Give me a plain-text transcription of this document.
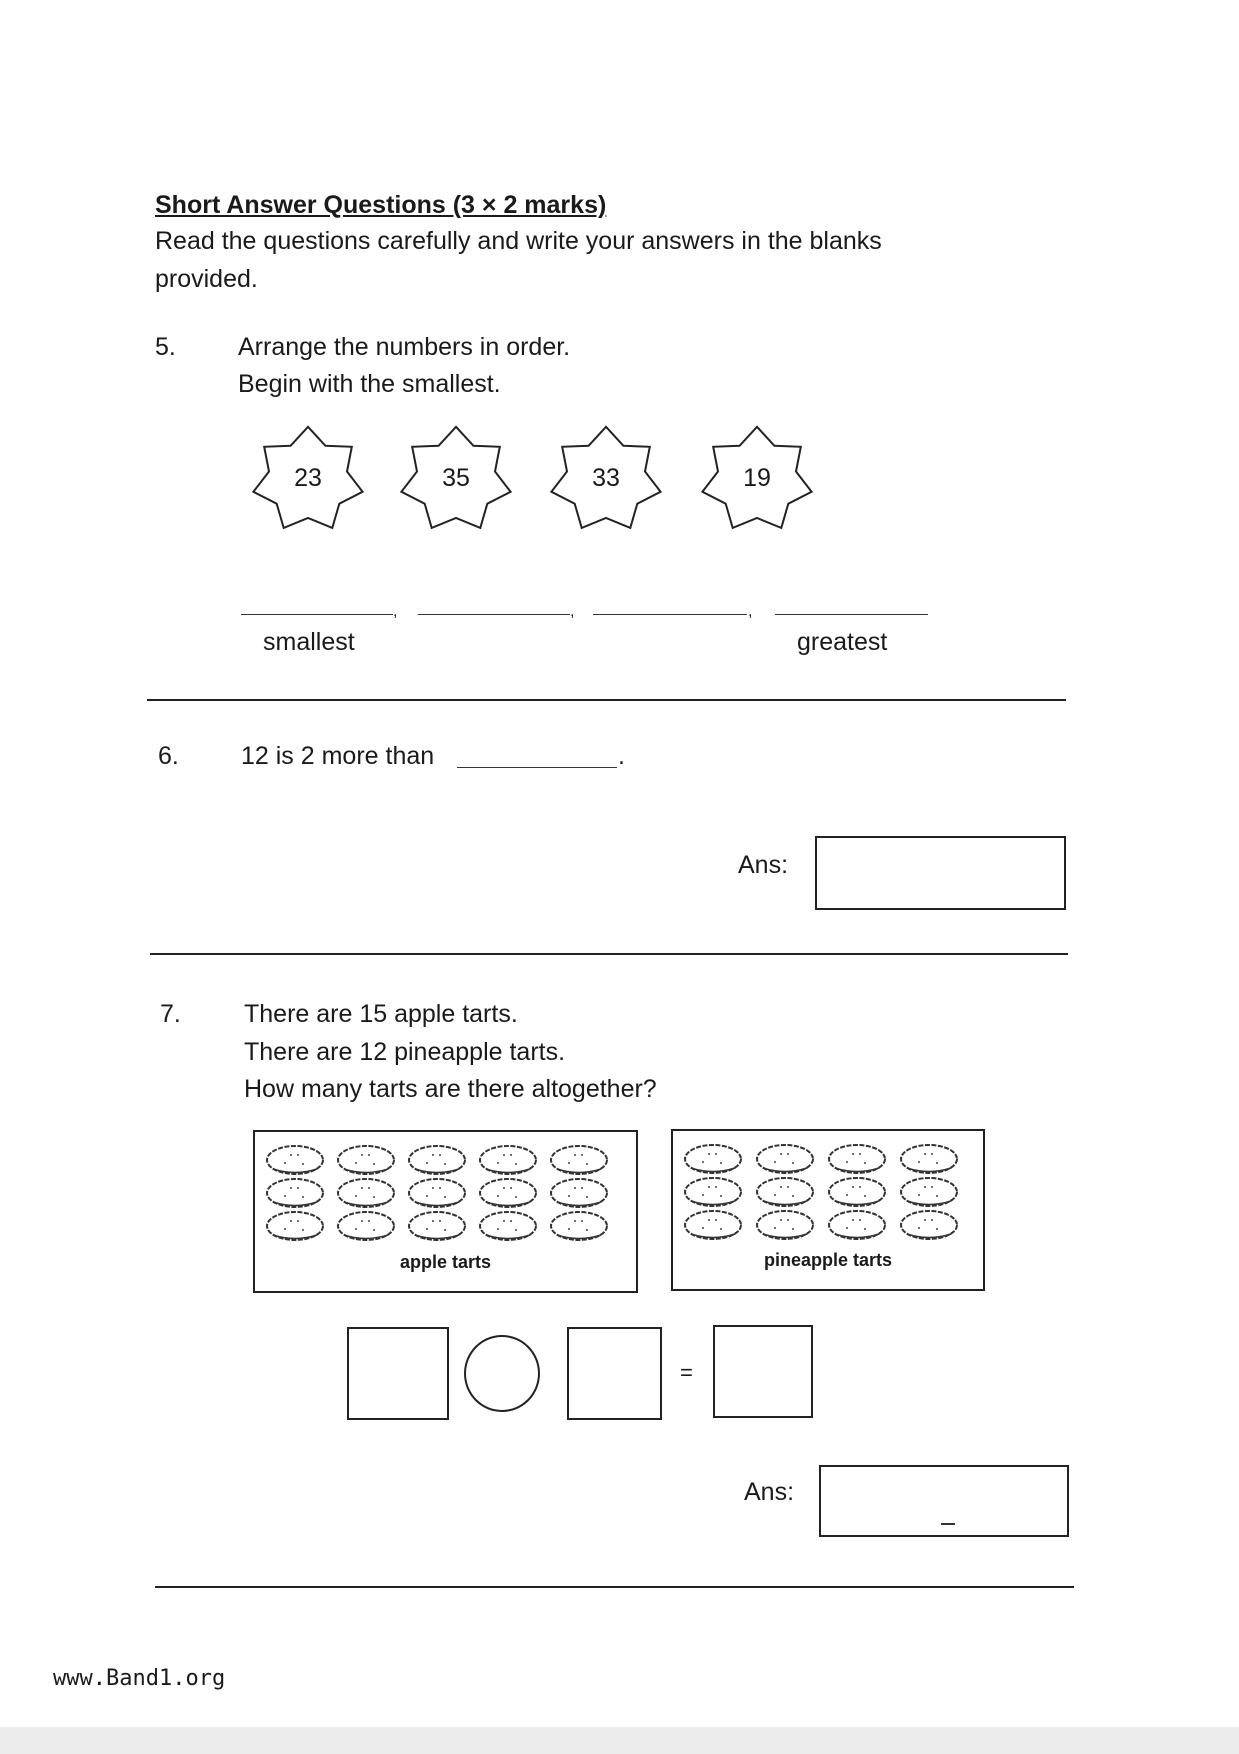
Short Answer Questions (3 × 2 marks)
Read the questions carefully and write your answers in the blanks
provided.
5. Arrange the numbers in order.
Begin with the smallest.
23	35	33	19
,	,	,
smallest	greatest
6. 12 is 2 more than	.
Ans:
7.	There are 15 apple tarts.
There are 12 pineapple tarts.
How many tarts are there altogether?
apple tarts	pineapple tarts
=
Ans:
www.Band1.org
